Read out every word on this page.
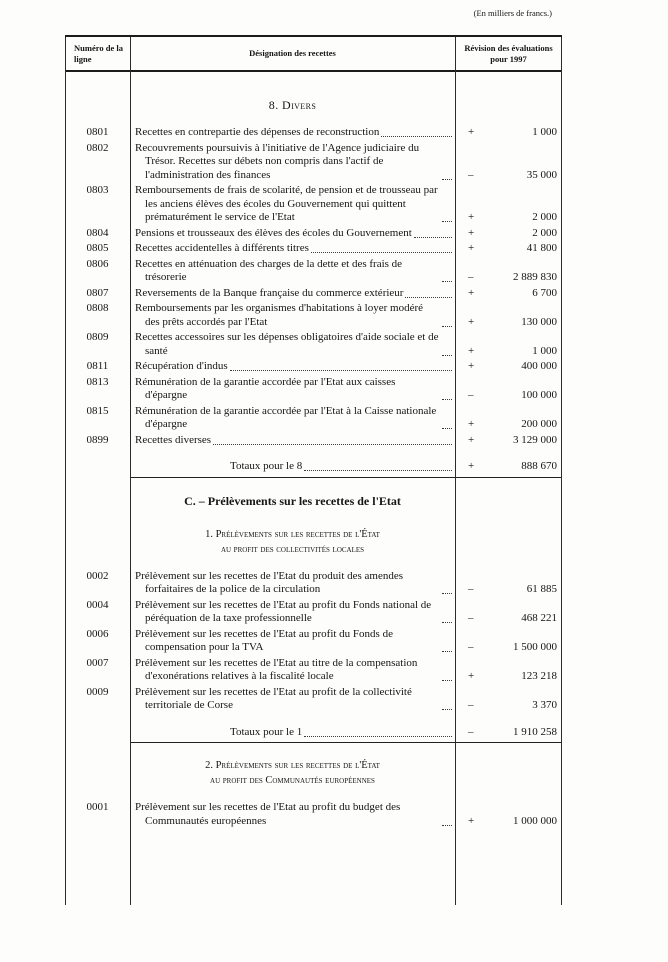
(En milliers de francs.)
Numéro de la ligne
Désignation des recettes
Révision des évaluations pour 1997
8. Divers
0801	Recettes en contrepartie des dépenses de reconstruction	+	1 000
0802	Recouvrements poursuivis à l'initiative de l'Agence judiciaire du Trésor. Recettes sur débets non compris dans l'actif de l'administration des finances	–	35 000
0803	Remboursements de frais de scolarité, de pension et de trousseau par les anciens élèves des écoles du Gouvernement qui quittent prématurément le service de l'Etat	+	2 000
0804	Pensions et trousseaux des élèves des écoles du Gouvernement	+	2 000
0805	Recettes accidentelles à différents titres	+	41 800
0806	Recettes en atténuation des charges de la dette et des frais de trésorerie	–	2 889 830
0807	Reversements de la Banque française du commerce extérieur	+	6 700
0808	Remboursements par les organismes d'habitations à loyer modéré des prêts accordés par l'Etat	+	130 000
0809	Recettes accessoires sur les dépenses obligatoires d'aide sociale et de santé	+	1 000
0811	Récupération d'indus	+	400 000
0813	Rémunération de la garantie accordée par l'Etat aux caisses d'épargne	–	100 000
0815	Rémunération de la garantie accordée par l'Etat à la Caisse nationale d'épargne	+	200 000
0899	Recettes diverses	+	3 129 000
Totaux pour le 8	+	888 670
C. – Prélèvements sur les recettes de l'Etat
1. Prélèvements sur les recettes de l'État
au profit des collectivités locales
0002	Prélèvement sur les recettes de l'Etat du produit des amendes forfaitaires de la police de la circulation	–	61 885
0004	Prélèvement sur les recettes de l'Etat au profit du Fonds national de péréquation de la taxe professionnelle	–	468 221
0006	Prélèvement sur les recettes de l'Etat au profit du Fonds de compensation pour la TVA	–	1 500 000
0007	Prélèvement sur les recettes de l'Etat au titre de la compensation d'exonérations relatives à la fiscalité locale	+	123 218
0009	Prélèvement sur les recettes de l'Etat au profit de la collectivité territoriale de Corse	–	3 370
Totaux pour le 1	–	1 910 258
2. Prélèvements sur les recettes de l'État
au profit des Communautés européennes
0001	Prélèvement sur les recettes de l'Etat au profit du budget des Communautés européennes	+	1 000 000
